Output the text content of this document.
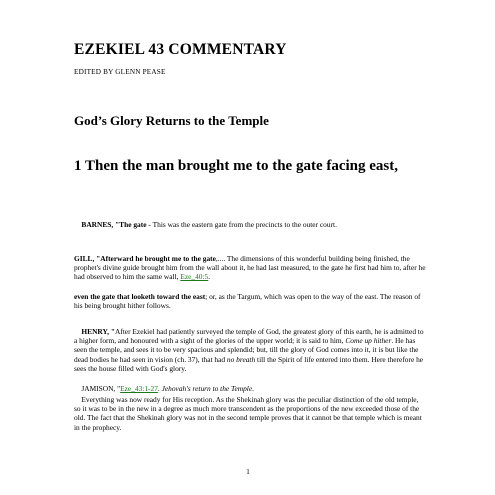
EZEKIEL 43 COMMENTARY
EDITED BY GLENN PEASE
God’s Glory Returns to the Temple
1 Then the man brought me to the gate facing east,
BARNES, "The gate - This was the eastern gate from the precincts to the outer court.
GILL, "Afterward he brought me to the gate,.... The dimensions of this wonderful building being finished, the prophet's divine guide brought him from the wall about it, he had last measured, to the gate he first had him to, after he had observed to him the same wall, Eze_40:5.
even the gate that looketh toward the east; or, as the Targum, which was open to the way of the east. The reason of his being brought hither follows.
HENRY, "After Ezekiel had patiently surveyed the temple of God, the greatest glory of this earth, he is admitted to a higher form, and honoured with a sight of the glories of the upper world; it is said to him, Come up hither. He has seen the temple, and sees it to be very spacious and splendid; but, till the glory of God comes into it, it is but like the dead bodies he had seen in vision (ch. 37), that had no breath till the Spirit of life entered into them. Here therefore he sees the house filled with God's glory.
JAMISON, "Eze_43:1-27. Jehovah's return to the Temple.
Everything was now ready for His reception. As the Shekinah glory was the peculiar distinction of the old temple, so it was to be in the new in a degree as much more transcendent as the proportions of the new exceeded those of the old. The fact that the Shekinah glory was not in the second temple proves that it cannot be that temple which is meant in the prophecy.
1
